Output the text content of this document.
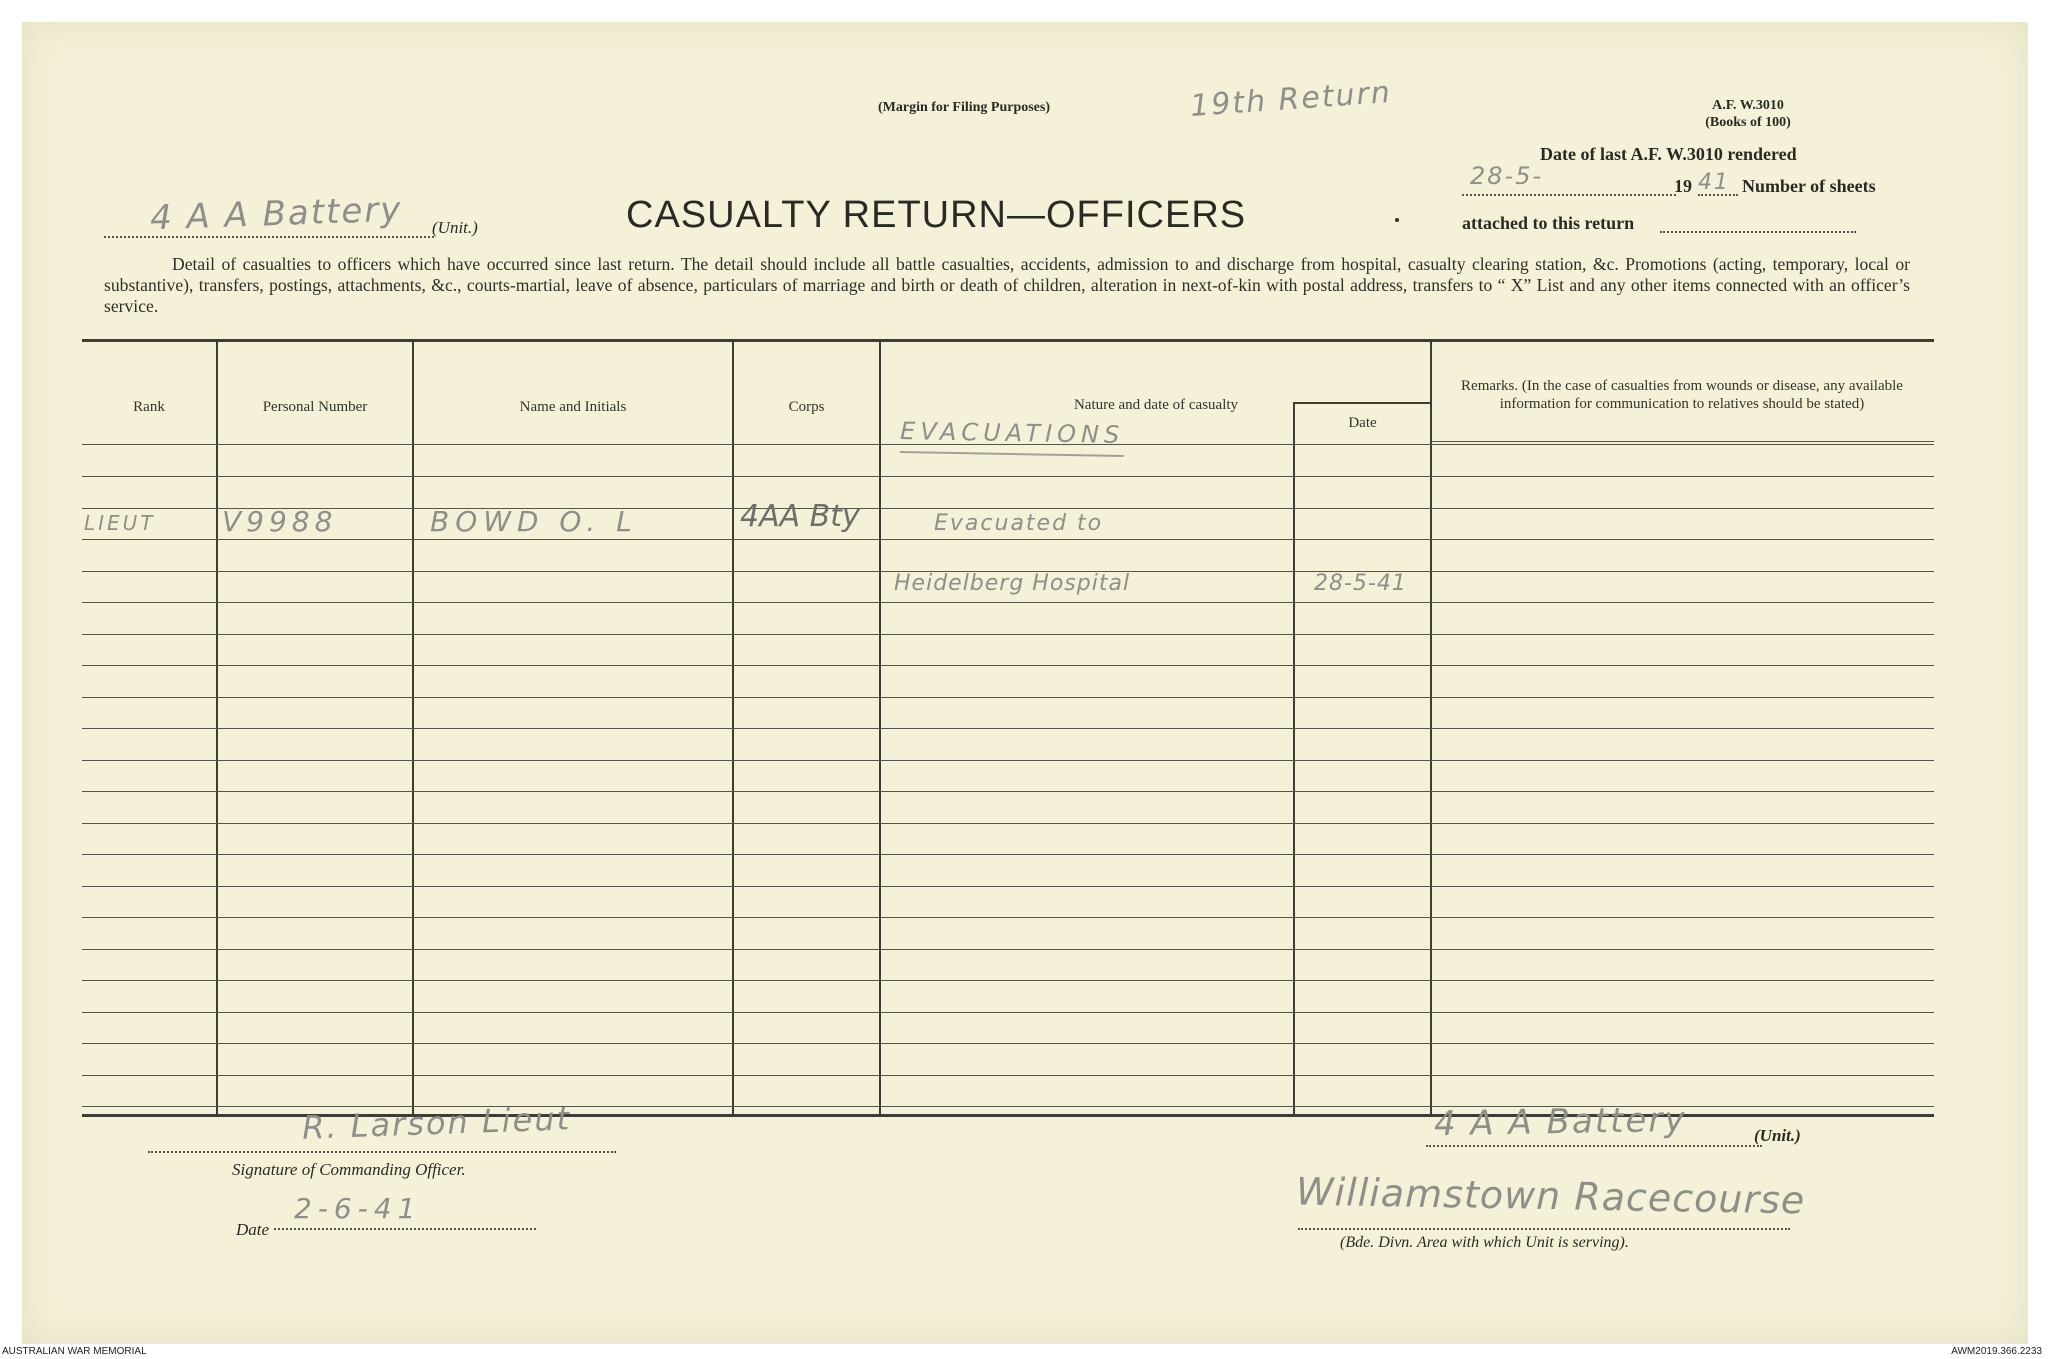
(Margin for Filing Purposes)	19th Return	A.F. W.3010
(Books of 100)
Date of last A.F. W.3010 rendered
28-5-	19 41 Number of sheets
attached to this return
4 A A Battery (Unit.)	CASUALTY RETURN—OFFICERS
Detail of casualties to officers which have occurred since last return. The detail should include all battle casualties, accidents, admission to and discharge from hospital, casualty clearing station, &c. Promotions (acting, temporary, local or substantive), transfers, postings, attachments, &c., courts-martial, leave of absence, particulars of marriage and birth or death of children, alteration in next-of-kin with postal address, transfers to “ X” List and any other items connected with an officer’s service.
Rank	Personal Number	Name and Initials	Corps	Nature and date of casualty
Date
Remarks. (In the case of casualties from wounds or disease, any available information for communication to relatives should be stated)
EVACUATIONS
LIEUT V9988	BOWD O. L	4AA Bty	Evacuated to
Heidelberg Hospital	28-5-41
R. Larson Lieut
Signature of Commanding Officer.
Date
2-6-41
4 A A Battery	(Unit.)
Williamstown Racecourse
(Bde. Divn. Area with which Unit is serving).
AUSTRALIAN WAR MEMORIAL	AWM2019.366.2233
